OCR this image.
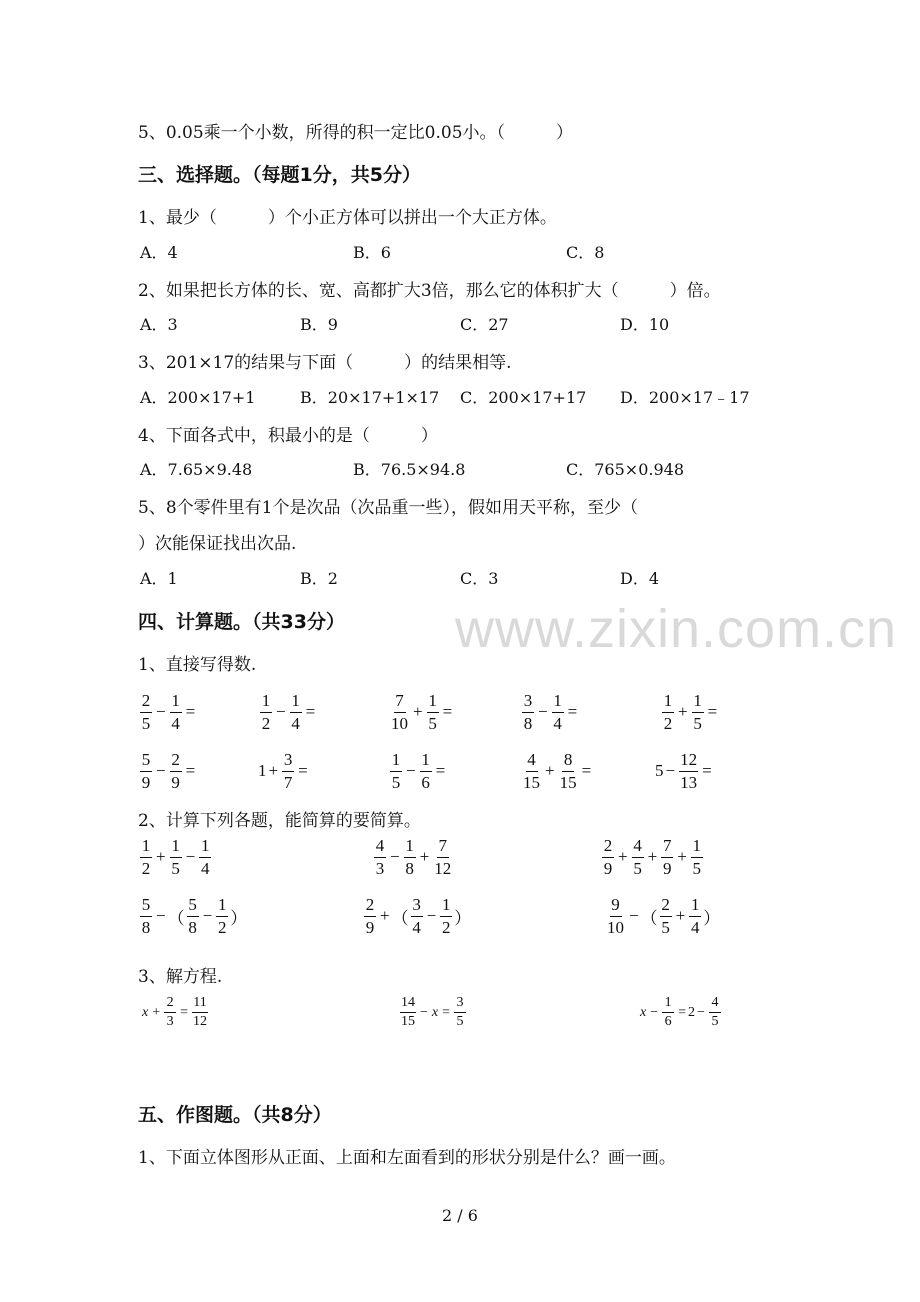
5、0.05乘一个小数，所得的积一定比0.05小。（　　　）
三、选择题。（每题1分，共5分）
1、最少（　　　）个小正方体可以拼出一个大正方体。
A．4	B．6	C．8
2、如果把长方体的长、宽、高都扩大3倍，那么它的体积扩大（　　　）倍。
A．3	B．9	C．27	D．10
3、201×17的结果与下面（　　　）的结果相等.
A．200×17+1	B．20×17+1×17 C．200×17+17 D．200×17﹣17
4、下面各式中，积最小的是（　　　）
A．7.65×9.48	B．76.5×94.8	C．765×0.948
5、8个零件里有1个是次品（次品重一些），假如用天平称，至少（
）次能保证找出次品.
A．1	B．2	C．3	D．4
www.zixin.com.cn
四、计算题。（共33分）
1、直接写得数.
$\frac{2}{5} - \frac{1}{4}$ =	$\frac{1}{2} - \frac{1}{4}$ =	$\frac{7}{10} + \frac{1}{5}$ =	$\frac{3}{8} - \frac{1}{4}$ =	$\frac{1}{2} + \frac{1}{5}$ =
$\frac{5}{9} - \frac{2}{9}$ =	$1 + \frac{3}{7}$ =	$\frac{1}{5} - \frac{1}{6}$ =	$\frac{4}{15} + \frac{8}{15}$ =	$5 - \frac{12}{13}$ =
2、计算下列各题，能简算的要简算。
$\frac{1}{2} + \frac{1}{5} - \frac{1}{4}$	$\frac{4}{3} - \frac{1}{8} + \frac{7}{12}$	$\frac{2}{9} + \frac{4}{5} + \frac{7}{9} + \frac{1}{5}$
$\frac{5}{8}$ − （ $\frac{5}{8} - \frac{1}{2}$ ）	$\frac{2}{9}$ + （ $\frac{3}{4} - \frac{1}{2}$ ）	$\frac{9}{10}$ − （ $\frac{2}{5} + \frac{1}{4}$ ）
3、解方程.
$x + \frac{2}{3} = \frac{11}{12}$	$\frac{14}{15} - x = \frac{3}{5}$	$x - \frac{1}{6} = 2 - \frac{4}{5}$
五、作图题。（共8分）
1、下面立体图形从正面、上面和左面看到的形状分别是什么？画一画。
2 / 6
